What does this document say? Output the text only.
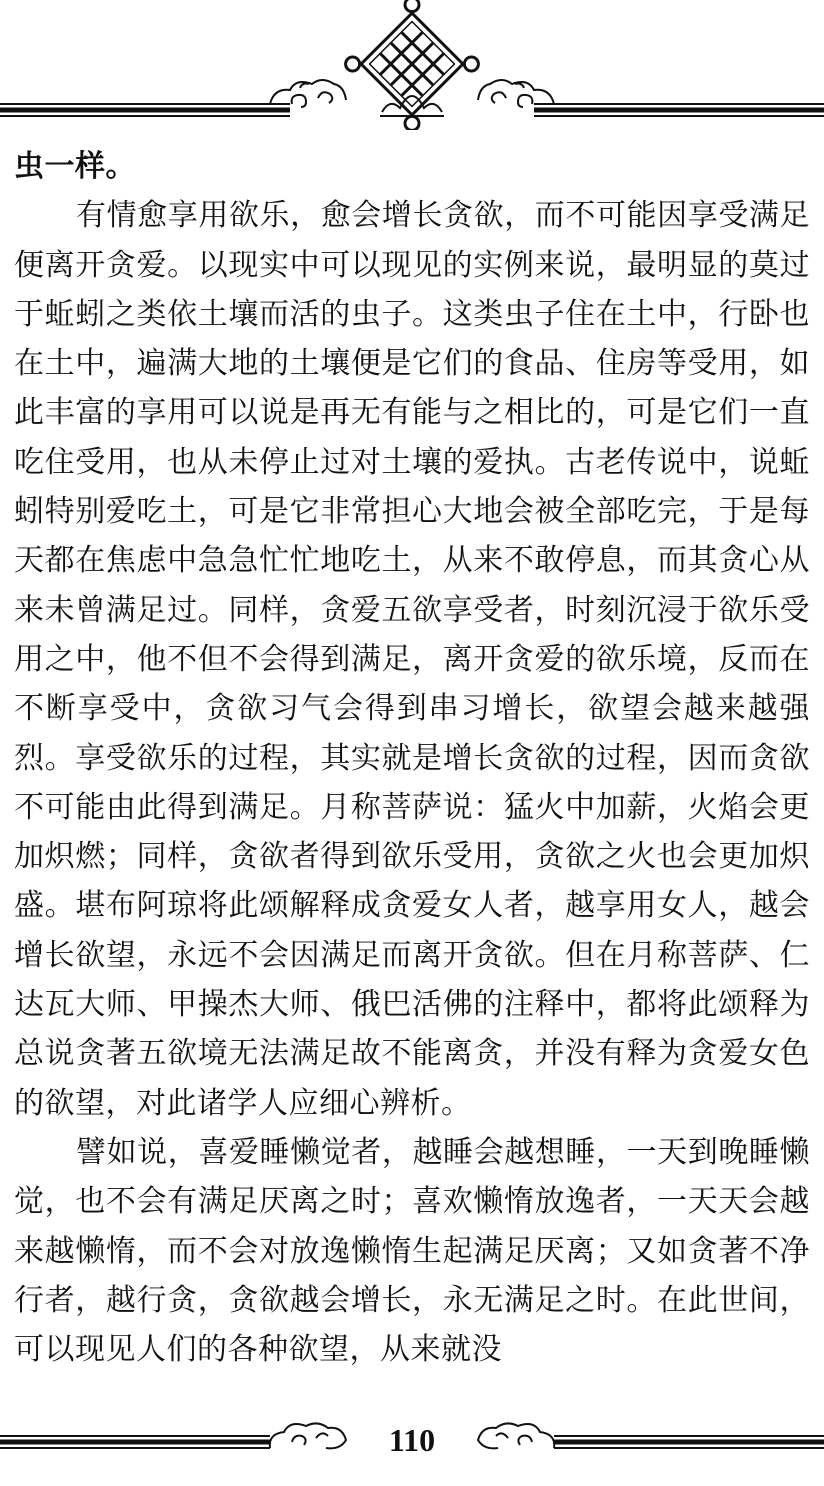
虫一样。

有情愈享用欲乐，愈会增长贪欲，而不可能因享受满足便离开贪爱。以现实中可以现见的实例来说，最明显的莫过于蚯蚓之类依土壤而活的虫子。这类虫子住在土中，行卧也在土中，遍满大地的土壤便是它们的食品、住房等受用，如此丰富的享用可以说是再无有能与之相比的，可是它们一直吃住受用，也从未停止过对土壤的爱执。古老传说中，说蚯蚓特别爱吃土，可是它非常担心大地会被全部吃完，于是每天都在焦虑中急急忙忙地吃土，从来不敢停息，而其贪心从来未曾满足过。同样，贪爱五欲享受者，时刻沉浸于欲乐受用之中，他不但不会得到满足，离开贪爱的欲乐境，反而在不断享受中，贪欲习气会得到串习增长，欲望会越来越强烈。享受欲乐的过程，其实就是增长贪欲的过程，因而贪欲不可能由此得到满足。月称菩萨说：猛火中加薪，火焰会更加炽燃；同样，贪欲者得到欲乐受用，贪欲之火也会更加炽盛。堪布阿琼将此颂解释成贪爱女人者，越享用女人，越会增长欲望，永远不会因满足而离开贪欲。但在月称菩萨、仁达瓦大师、甲操杰大师、俄巴活佛的注释中，都将此颂释为总说贪著五欲境无法满足故不能离贪，并没有释为贪爱女色的欲望，对此诸学人应细心辨析。

譬如说，喜爱睡懒觉者，越睡会越想睡，一天到晚睡懒觉，也不会有满足厌离之时；喜欢懒惰放逸者，一天天会越来越懒惰，而不会对放逸懒惰生起满足厌离；又如贪著不净行者，越行贪，贪欲越会增长，永无满足之时。在此世间，可以现见人们的各种欲望，从来就没

110
